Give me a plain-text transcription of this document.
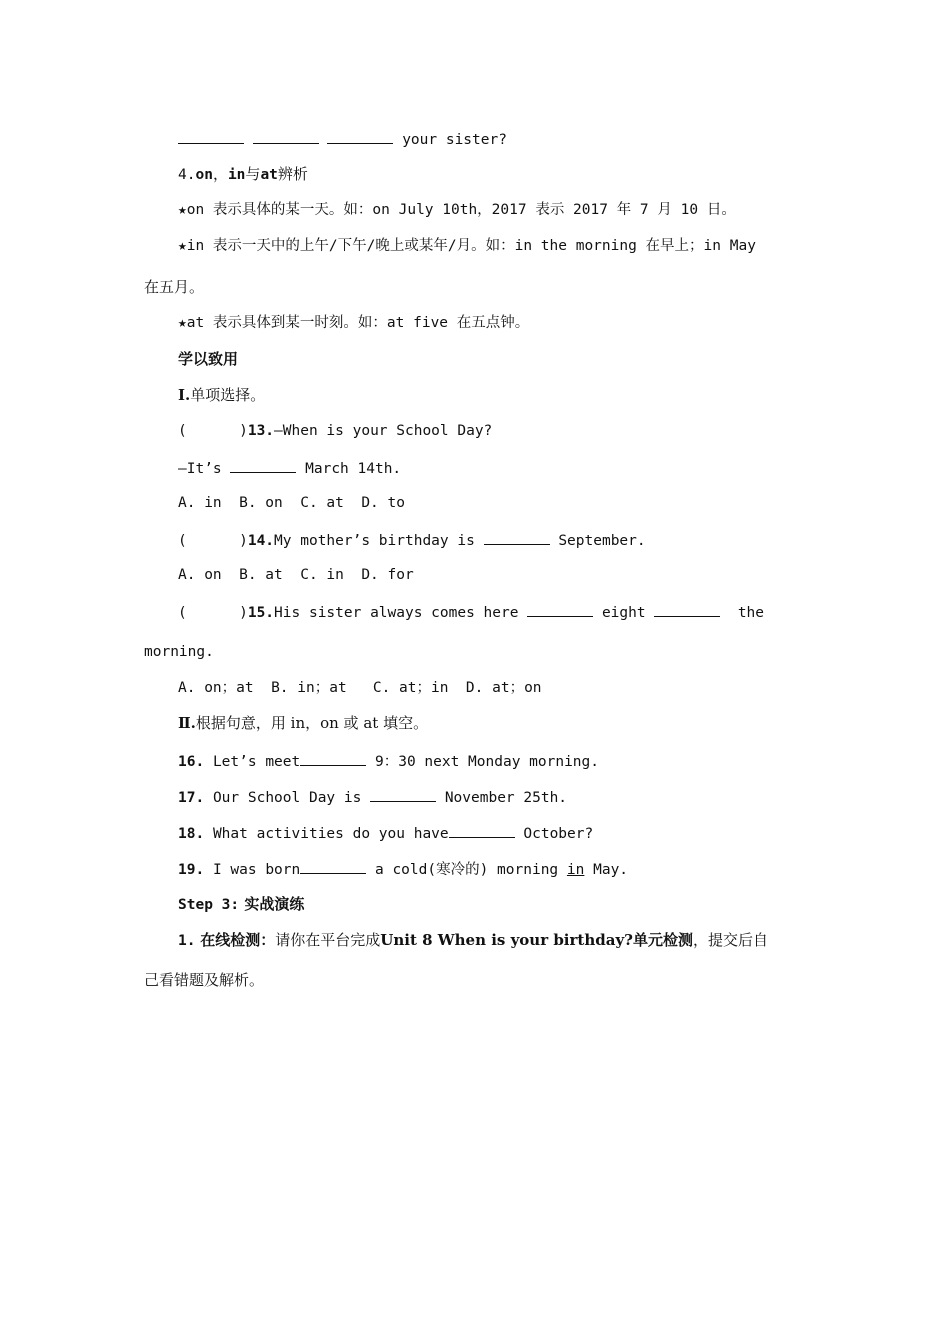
your sister?
4.on，in与at辨析
★on 表示具体的某一天。如：on July 10th，2017 表示 2017 年 7 月 10 日。
★in 表示一天中的上午/下午/晚上或某年/月。如：in the morning 在早上；in May
在五月。
★at 表示具体到某一时刻。如：at five 在五点钟。
学以致用
Ⅰ.单项选择。
(      )13.—When is your School Day?
—It’s	March 14th.
A. in  B. on  C. at  D. to
(      )14.My mother’s birthday is	September.
A. on  B. at  C. in  D. for
(      )15.His sister always comes here	eight	the
morning.
A. on；at  B. in；at   C. at；in  D. at；on
Ⅱ.根据句意，用 in，on 或 at 填空。
16. Let’s meet	9：30 next Monday morning.
17. Our School Day is	November 25th.
18. What activities do you have	October?
19. I was born	a cold(寒冷的) morning in May.
Step 3: 实战演练
1. 在线检测：请你在平台完成Unit 8 When is your birthday?单元检测，提交后自
己看错题及解析。
